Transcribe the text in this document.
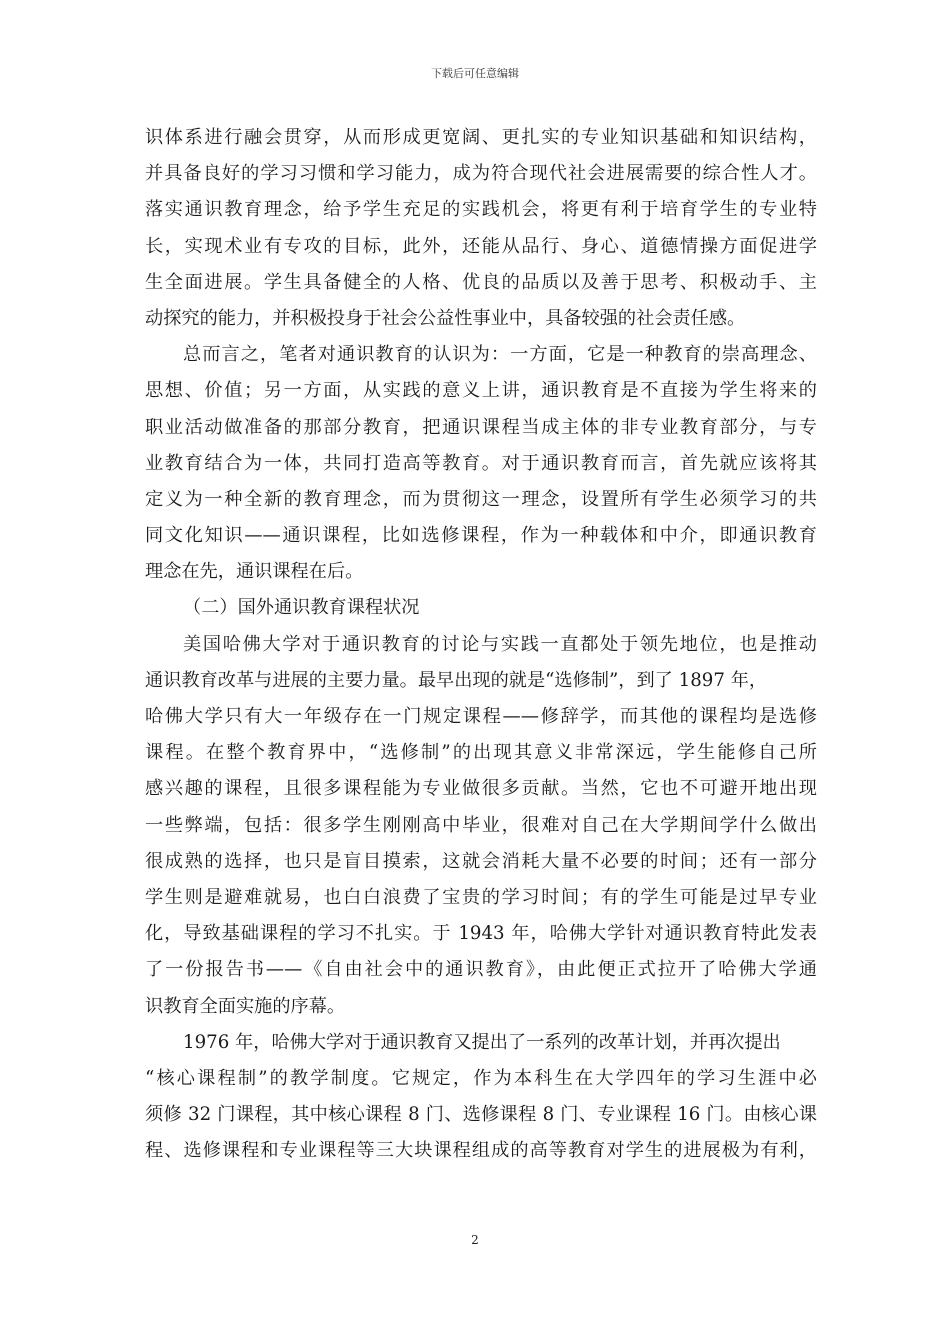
下载后可任意编辑
识体系进行融会贯穿，从而形成更宽阔、更扎实的专业知识基础和知识结构，
并具备良好的学习习惯和学习能力，成为符合现代社会进展需要的综合性人才。
落实通识教育理念，给予学生充足的实践机会，将更有利于培育学生的专业特
长，实现术业有专攻的目标，此外，还能从品行、身心、道德情操方面促进学
生全面进展。学生具备健全的人格、优良的品质以及善于思考、积极动手、主
动探究的能力，并积极投身于社会公益性事业中，具备较强的社会责任感。
总而言之，笔者对通识教育的认识为：一方面，它是一种教育的崇高理念、
思想、价值；另一方面，从实践的意义上讲，通识教育是不直接为学生将来的
职业活动做准备的那部分教育，把通识课程当成主体的非专业教育部分，与专
业教育结合为一体，共同打造高等教育。对于通识教育而言，首先就应该将其
定义为一种全新的教育理念，而为贯彻这一理念，设置所有学生必须学习的共
同文化知识——通识课程，比如选修课程，作为一种载体和中介，即通识教育
理念在先，通识课程在后。
（二）国外通识教育课程状况
美国哈佛大学对于通识教育的讨论与实践一直都处于领先地位，也是推动
通识教育改革与进展的主要力量。最早出现的就是“选修制”，到了 1897 年，
哈佛大学只有大一年级存在一门规定课程——修辞学，而其他的课程均是选修
课程。在整个教育界中，“选修制”的出现其意义非常深远，学生能修自己所
感兴趣的课程，且很多课程能为专业做很多贡献。当然，它也不可避开地出现
一些弊端，包括：很多学生刚刚高中毕业，很难对自己在大学期间学什么做出
很成熟的选择，也只是盲目摸索，这就会消耗大量不必要的时间；还有一部分
学生则是避难就易，也白白浪费了宝贵的学习时间；有的学生可能是过早专业
化，导致基础课程的学习不扎实。于 1943 年，哈佛大学针对通识教育特此发表
了一份报告书——《自由社会中的通识教育》，由此便正式拉开了哈佛大学通
识教育全面实施的序幕。
1976 年，哈佛大学对于通识教育又提出了一系列的改革计划，并再次提出
“核心课程制”的教学制度。它规定，作为本科生在大学四年的学习生涯中必
须修 32 门课程，其中核心课程 8 门、选修课程 8 门、专业课程 16 门。由核心课
程、选修课程和专业课程等三大块课程组成的高等教育对学生的进展极为有利，
2
